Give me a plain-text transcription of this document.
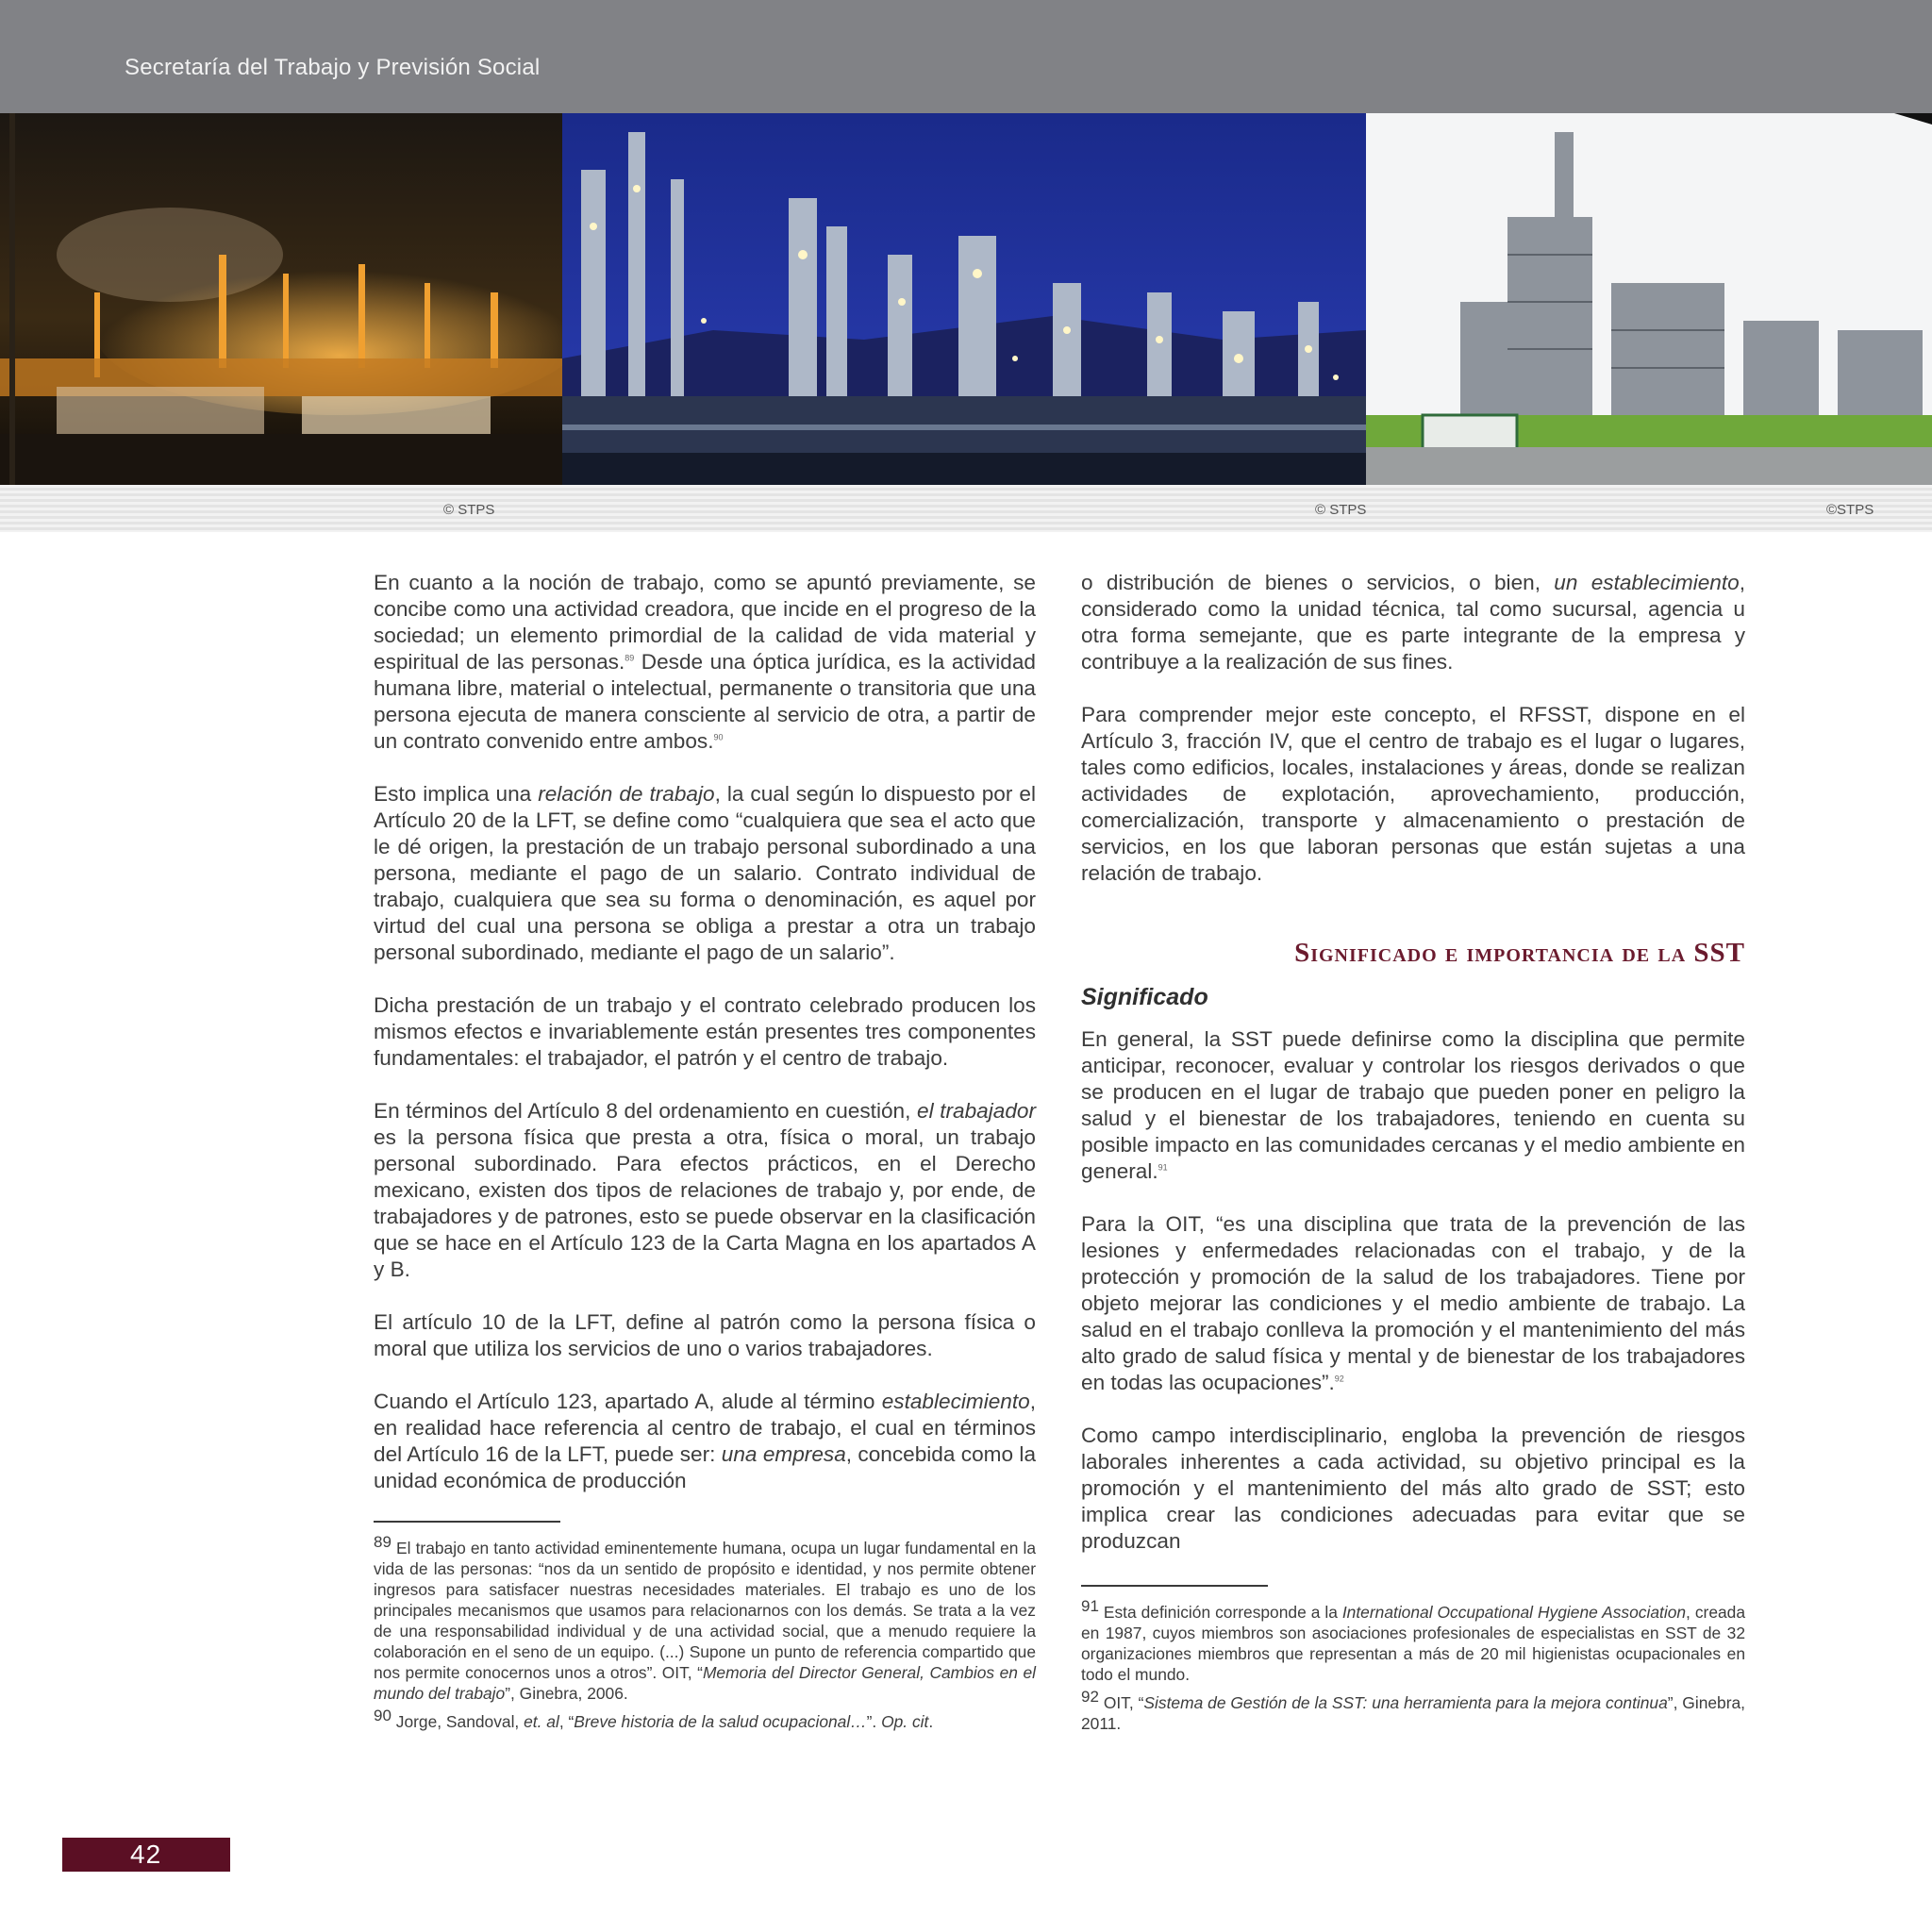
Secretaría del Trabajo y Previsión Social
© STPS	© STPS	©STPS

En cuanto a la noción de trabajo, como se apuntó previamente, se concibe como una actividad creadora, que incide en el progreso de la sociedad; un elemento primordial de la calidad de vida material y espiritual de las personas.$^{89}$ Desde una óptica jurídica, es la actividad humana libre, material o intelectual, permanente o transitoria que una persona ejecuta de manera consciente al servicio de otra, a partir de un contrato convenido entre ambos.$^{90}$

Esto implica una relación de trabajo, la cual según lo dispuesto por el Artículo 20 de la LFT, se define como “cualquiera que sea el acto que le dé origen, la prestación de un trabajo personal subordinado a una persona, mediante el pago de un salario. Contrato individual de trabajo, cualquiera que sea su forma o denominación, es aquel por virtud del cual una persona se obliga a prestar a otra un trabajo personal subordinado, mediante el pago de un salario”.

Dicha prestación de un trabajo y el contrato celebrado producen los mismos efectos e invariablemente están presentes tres componentes fundamentales: el trabajador, el patrón y el centro de trabajo.

En términos del Artículo 8 del ordenamiento en cuestión, el trabajador es la persona física que presta a otra, física o moral, un trabajo personal subordinado. Para efectos prácticos, en el Derecho mexicano, existen dos tipos de relaciones de trabajo y, por ende, de trabajadores y de patrones, esto se puede observar en la clasificación que se hace en el Artículo 123 de la Carta Magna en los apartados A y B.

El artículo 10 de la LFT, define al patrón como la persona física o moral que utiliza los servicios de uno o varios trabajadores.

Cuando el Artículo 123, apartado A, alude al término establecimiento, en realidad hace referencia al centro de trabajo, el cual en términos del Artículo 16 de la LFT, puede ser: una empresa, concebida como la unidad económica de producción

89 El trabajo en tanto actividad eminentemente humana, ocupa un lugar fundamental en la vida de las personas: “nos da un sentido de propósito e identidad, y nos permite obtener ingresos para satisfacer nuestras necesidades materiales. El trabajo es uno de los principales mecanismos que usamos para relacionarnos con los demás. Se trata a la vez de una responsabilidad individual y de una actividad social, que a menudo requiere la colaboración en el seno de un equipo. (...) Supone un punto de referencia compartido que nos permite conocernos unos a otros”. OIT, “Memoria del Director General, Cambios en el mundo del trabajo”, Ginebra, 2006.

90 Jorge, Sandoval, et. al, “Breve historia de la salud ocupacional…”. Op. cit.

o distribución de bienes o servicios, o bien, un establecimiento, considerado como la unidad técnica, tal como sucursal, agencia u otra forma semejante, que es parte integrante de la empresa y contribuye a la realización de sus fines.

Para comprender mejor este concepto, el RFSST, dispone en el Artículo 3, fracción IV, que el centro de trabajo es el lugar o lugares, tales como edificios, locales, instalaciones y áreas, donde se realizan actividades de explotación, aprovechamiento, producción, comercialización, transporte y almacenamiento o prestación de servicios, en los que laboran personas que están sujetas a una relación de trabajo.

Significado e importancia de la SST
Significado

En general, la SST puede definirse como la disciplina que permite anticipar, reconocer, evaluar y controlar los riesgos derivados o que se producen en el lugar de trabajo que pueden poner en peligro la salud y el bienestar de los trabajadores, teniendo en cuenta su posible impacto en las comunidades cercanas y el medio ambiente en general.$^{91}$

Para la OIT, “es una disciplina que trata de la prevención de las lesiones y enfermedades relacionadas con el trabajo, y de la protección y promoción de la salud de los trabajadores. Tiene por objeto mejorar las condiciones y el medio ambiente de trabajo. La salud en el trabajo conlleva la promoción y el mantenimiento del más alto grado de salud física y mental y de bienestar de los trabajadores en todas las ocupaciones”.$^{92}$

Como campo interdisciplinario, engloba la prevención de riesgos laborales inherentes a cada actividad, su objetivo principal es la promoción y el mantenimiento del más alto grado de SST; esto implica crear las condiciones adecuadas para evitar que se produzcan

91 Esta definición corresponde a la International Occupational Hygiene Association, creada en 1987, cuyos miembros son asociaciones profesionales de especialistas en SST de 32 organizaciones miembros que representan a más de 20 mil higienistas ocupacionales en todo el mundo.

92 OIT, “Sistema de Gestión de la SST: una herramienta para la mejora continua”, Ginebra, 2011.

42
